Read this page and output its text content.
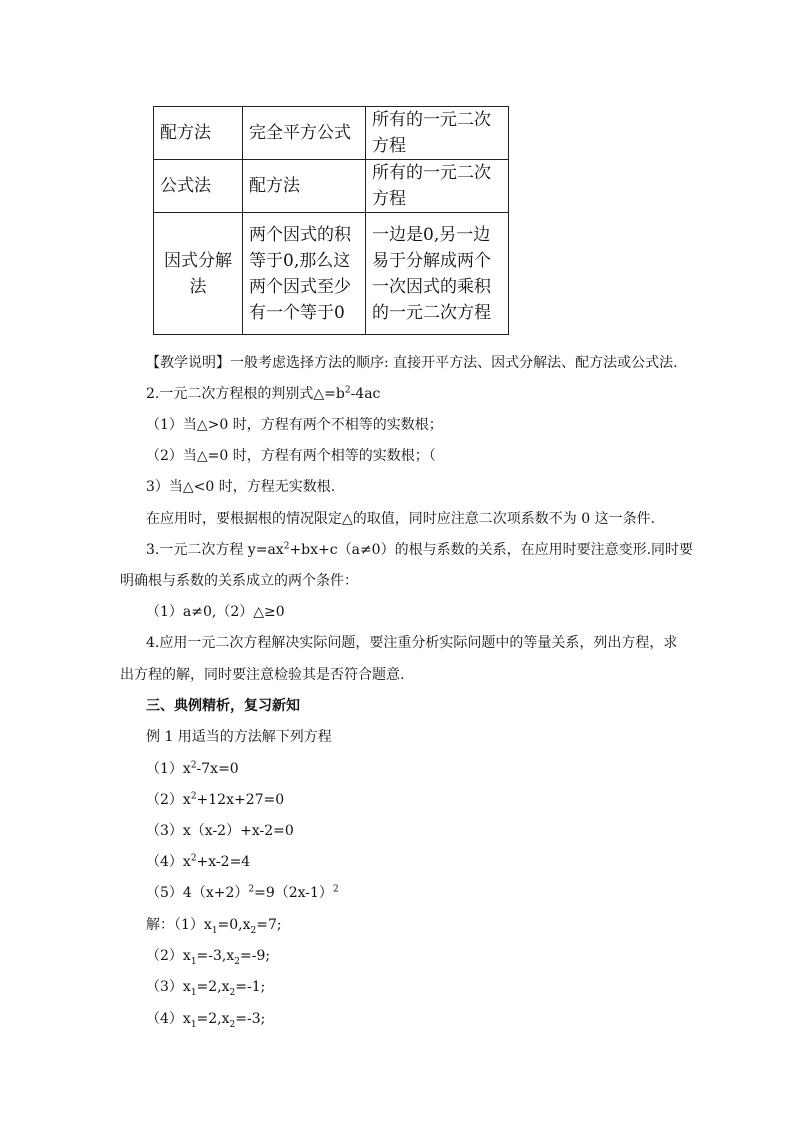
配方法	完全平方公式	所有的一元二次方程
公式法	配方法	所有的一元二次方程
因式分解法	两个因式的积等于0,那么这两个因式至少有一个等于0	一边是0,另一边易于分解成两个一次因式的乘积的一元二次方程
【教学说明】一般考虑选择方法的顺序: 直接开平方法、因式分解法、配方法或公式法.
2.一元二次方程根的判别式$\triangle=b^2-4ac$
（1）当△>0 时，方程有两个不相等的实数根；
（2）当△=0 时，方程有两个相等的实数根；（
3）当△<0 时，方程无实数根.
在应用时，要根据根的情况限定△的取值，同时应注意二次项系数不为 0 这一条件.
3.一元二次方程 $y=ax^2+bx+c(a\ne 0)$的根与系数的关系，在应用时要注意变形.同时要
明确根与系数的关系成立的两个条件：
（1）a≠0,（2）△≥0
4.应用一元二次方程解决实际问题，要注重分析实际问题中的等量关系，列出方程，求
出方程的解，同时要注意检验其是否符合题意.
三、典例精析，复习新知
例 1 用适当的方法解下列方程
$(1)x^2-7x=0$
$(2)x^2+12x+27=0$
（3）x（x-2）+x-2=0
$(4)x^2+x-2=4$
$(5)4(x+2)^2=9(2x-1)^2$
解：$(1)x_1=0,x_2=7$;
$(2)x_1=-3,x_2=-9$;
$(3)x_1=2,x_2=-1$;
$(4)x_1=2,x_2=-3$;
